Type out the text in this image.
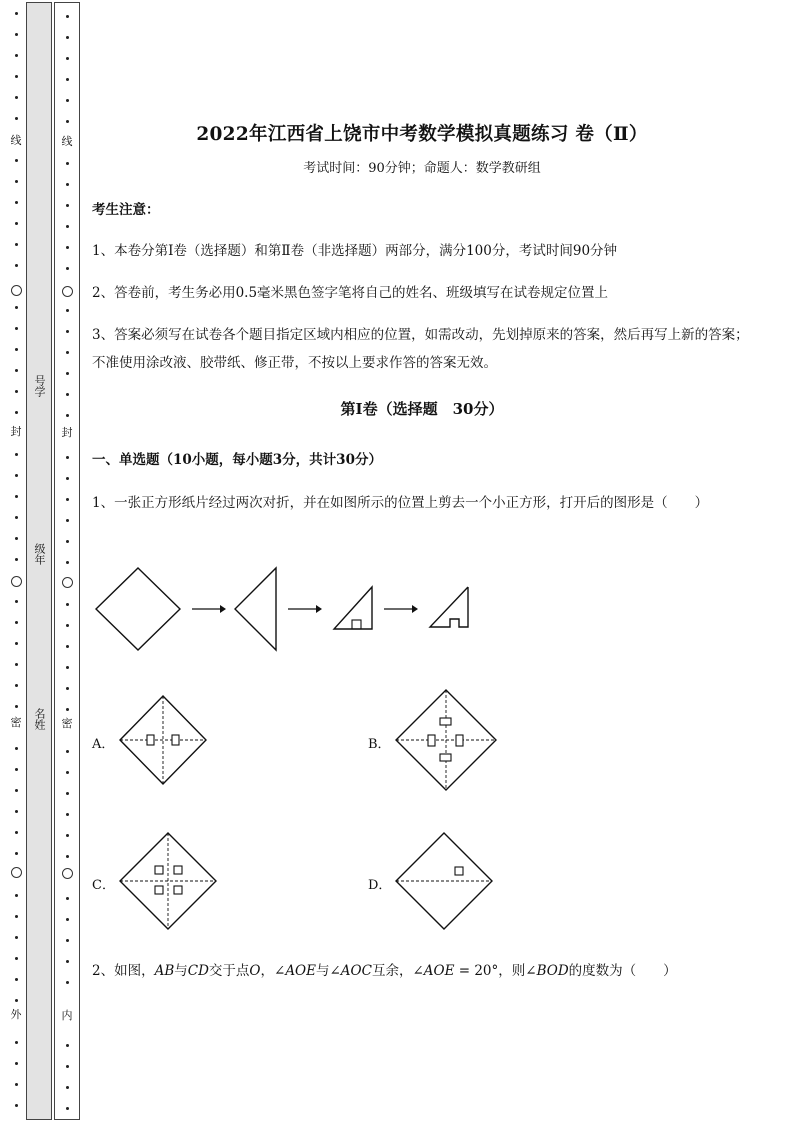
线
封
密
外
号学
级年
名姓
线
封
密
内
2022年江西省上饶市中考数学模拟真题练习 卷（Ⅱ）
考试时间：90分钟；命题人：数学教研组
考生注意：
1、本卷分第Ⅰ卷（选择题）和第Ⅱ卷（非选择题）两部分，满分100分，考试时间90分钟
2、答卷前，考生务必用0.5毫米黑色签字笔将自己的姓名、班级填写在试卷规定位置上
3、答案必须写在试卷各个题目指定区域内相应的位置，如需改动，先划掉原来的答案，然后再写上新的答案；不准使用涂改液、胶带纸、修正带，不按以上要求作答的答案无效。
第Ⅰ卷（选择题　30分）
一、单选题（10小题，每小题3分，共计30分）
1、一张正方形纸片经过两次对折，并在如图所示的位置上剪去一个小正方形，打开后的图形是（　　）
A．	B．
C．	D．
2、如图，AB与CD交于点O，∠AOE与∠AOC互余，∠AOE = 20°，则∠BOD的度数为（　　）
